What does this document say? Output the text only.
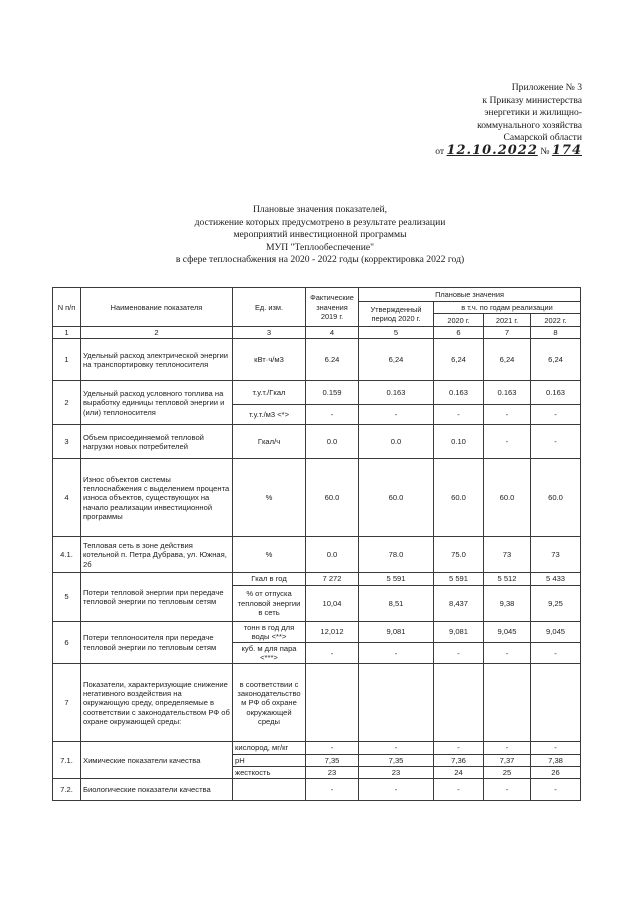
Приложение № 3
к Приказу министерства
энергетики и жилищно-
коммунального хозяйства
Самарской области
от 12.10.2022 № 174
Плановые значения показателей,
достижение которых предусмотрено в результате реализации
мероприятий инвестиционной программы
МУП "Теплообеспечение"
в сфере теплоснабжения на 2020 - 2022 годы (корректировка 2022 год)
N п/п	Наименование показателя	Ед. изм.	Фактические значения 2019 г.	Плановые значения			
				Утвержденный период 2020 г.	в т.ч. по годам реализации		
					2020 г.	2021 г.	2022 г.
1	2	3	4	5	6	7	8
1	Удельный расход электрической энергии на транспортировку теплоносителя	кВт·ч/м3	6.24	6,24	6,24	6,24	6,24
2	Удельный расход условного топлива на выработку единицы тепловой энергии и (или) теплоносителя	т.у.т./Гкал	0.159	0.163	0.163	0.163	0.163
		т.у.т./м3 <*>	-	-	-	-	-
3	Объем присоединяемой тепловой нагрузки новых потребителей	Гкал/ч	0.0	0.0	0.10	-	-
4	Износ объектов системы теплоснабжения с выделением процента износа объектов, существующих на начало реализации инвестиционной программы	%	60.0	60.0	60.0	60.0	60.0
4.1.	Тепловая сеть в зоне действия котельной п. Петра Дубрава, ул. Южная, 2б	%	0.0	78.0	75.0	73	73
5	Потери тепловой энергии при передаче тепловой энергии по тепловым сетям	Гкал в год	7 272	5 591	5 591	5 512	5 433
		% от отпуска тепловой энергии в сеть	10,04	8,51	8,437	9,38	9,25
6	Потери теплоносителя при передаче тепловой энергии по тепловым сетям	тонн в год для воды <**>	12,012	9,081	9,081	9,045	9,045
		куб. м для пара <***>	-	-	-	-	-
7	Показатели, характеризующие снижение негативного воздействия на окружающую среду, определяемые в соответствии с законодательством РФ об охране окружающей среды:	в соответствии с законодательство м РФ об охране окружающей среды					
7.1.	Химические показатели качества	кислород, мг/кг	-	-	-	-	-
		pH	7,35	7,35	7,36	7,37	7,38
		жесткость	23	23	24	25	26
7.2.	Биологические показатели качества		-	-	-	-	-
